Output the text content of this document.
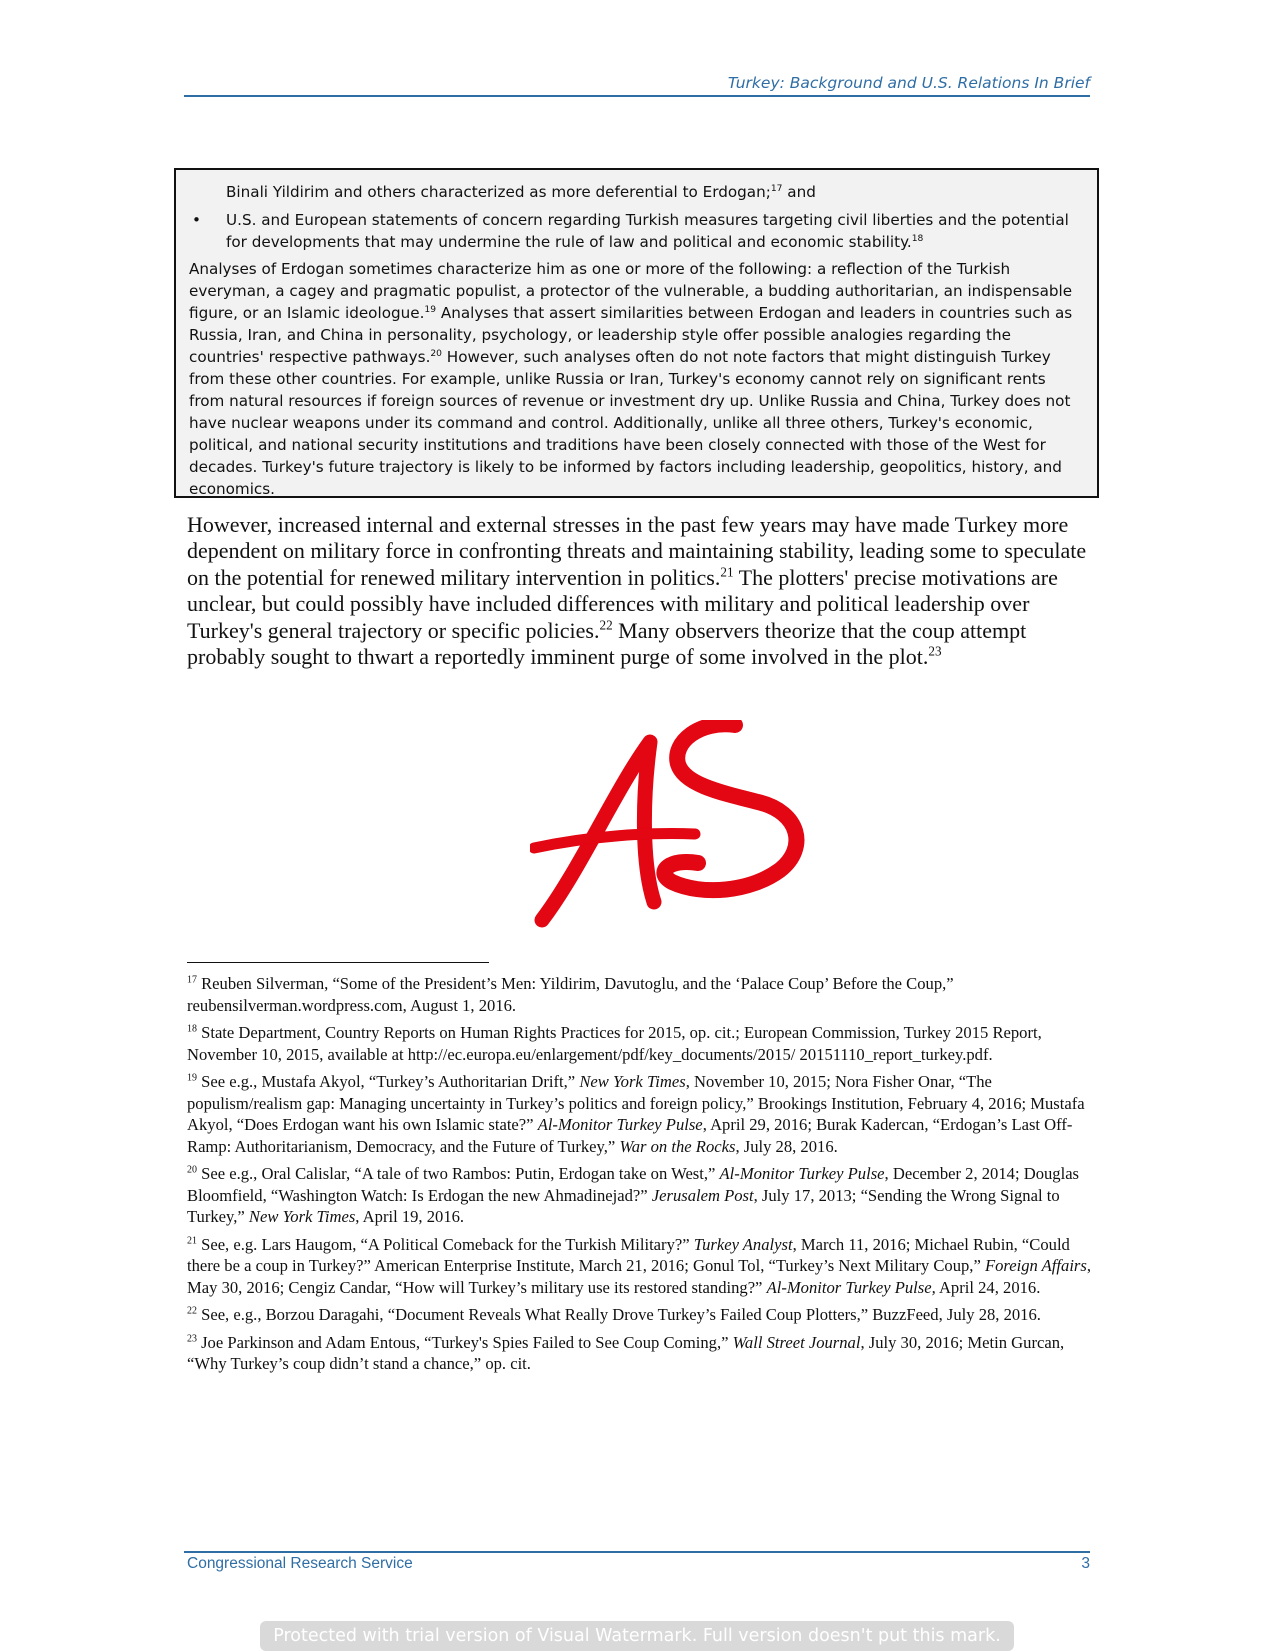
Turkey: Background and U.S. Relations In Brief

Binali Yildirim and others characterized as more deferential to Erdogan;$^{17}$ and

• U.S. and European statements of concern regarding Turkish measures targeting civil liberties and the potential for developments that may undermine the rule of law and political and economic stability.$^{18}$

Analyses of Erdogan sometimes characterize him as one or more of the following: a reflection of the Turkish everyman, a cagey and pragmatic populist, a protector of the vulnerable, a budding authoritarian, an indispensable figure, or an Islamic ideologue.$^{19}$ Analyses that assert similarities between Erdogan and leaders in countries such as Russia, Iran, and China in personality, psychology, or leadership style offer possible analogies regarding the countries' respective pathways.$^{20}$ However, such analyses often do not note factors that might distinguish Turkey from these other countries. For example, unlike Russia or Iran, Turkey's economy cannot rely on significant rents from natural resources if foreign sources of revenue or investment dry up. Unlike Russia and China, Turkey does not have nuclear weapons under its command and control. Additionally, unlike all three others, Turkey's economic, political, and national security institutions and traditions have been closely connected with those of the West for decades. Turkey's future trajectory is likely to be informed by factors including leadership, geopolitics, history, and economics.

However, increased internal and external stresses in the past few years may have made Turkey more dependent on military force in confronting threats and maintaining stability, leading some to speculate on the potential for renewed military intervention in politics.$^{21}$ The plotters' precise motivations are unclear, but could possibly have included differences with military and political leadership over Turkey's general trajectory or specific policies.$^{22}$ Many observers theorize that the coup attempt probably sought to thwart a reportedly imminent purge of some involved in the plot.$^{23}$

$^{17}$ Reuben Silverman, “Some of the President’s Men: Yildirim, Davutoglu, and the ‘Palace Coup’ Before the Coup,” reubensilverman.wordpress.com, August 1, 2016.

$^{18}$ State Department, Country Reports on Human Rights Practices for 2015, op. cit.; European Commission, Turkey 2015 Report, November 10, 2015, available at http://ec.europa.eu/enlargement/pdf/key_documents/2015/ 20151110_report_turkey.pdf.

$^{19}$ See e.g., Mustafa Akyol, “Turkey’s Authoritarian Drift,” New York Times, November 10, 2015; Nora Fisher Onar, “The populism/realism gap: Managing uncertainty in Turkey’s politics and foreign policy,” Brookings Institution, February 4, 2016; Mustafa Akyol, “Does Erdogan want his own Islamic state?” Al-Monitor Turkey Pulse, April 29, 2016; Burak Kadercan, “Erdogan’s Last Off-Ramp: Authoritarianism, Democracy, and the Future of Turkey,” War on the Rocks, July 28, 2016.

$^{20}$ See e.g., Oral Calislar, “A tale of two Rambos: Putin, Erdogan take on West,” Al-Monitor Turkey Pulse, December 2, 2014; Douglas Bloomfield, “Washington Watch: Is Erdogan the new Ahmadinejad?” Jerusalem Post, July 17, 2013; “Sending the Wrong Signal to Turkey,” New York Times, April 19, 2016.

$^{21}$ See, e.g. Lars Haugom, “A Political Comeback for the Turkish Military?” Turkey Analyst, March 11, 2016; Michael Rubin, “Could there be a coup in Turkey?” American Enterprise Institute, March 21, 2016; Gonul Tol, “Turkey’s Next Military Coup,” Foreign Affairs, May 30, 2016; Cengiz Candar, “How will Turkey’s military use its restored standing?” Al-Monitor Turkey Pulse, April 24, 2016.

$^{22}$ See, e.g., Borzou Daragahi, “Document Reveals What Really Drove Turkey’s Failed Coup Plotters,” BuzzFeed, July 28, 2016.

$^{23}$ Joe Parkinson and Adam Entous, “Turkey's Spies Failed to See Coup Coming,” Wall Street Journal, July 30, 2016; Metin Gurcan, “Why Turkey’s coup didn’t stand a chance,” op. cit.

Congressional Research Service	3
Protected with trial version of Visual Watermark. Full version doesn't put this mark.
